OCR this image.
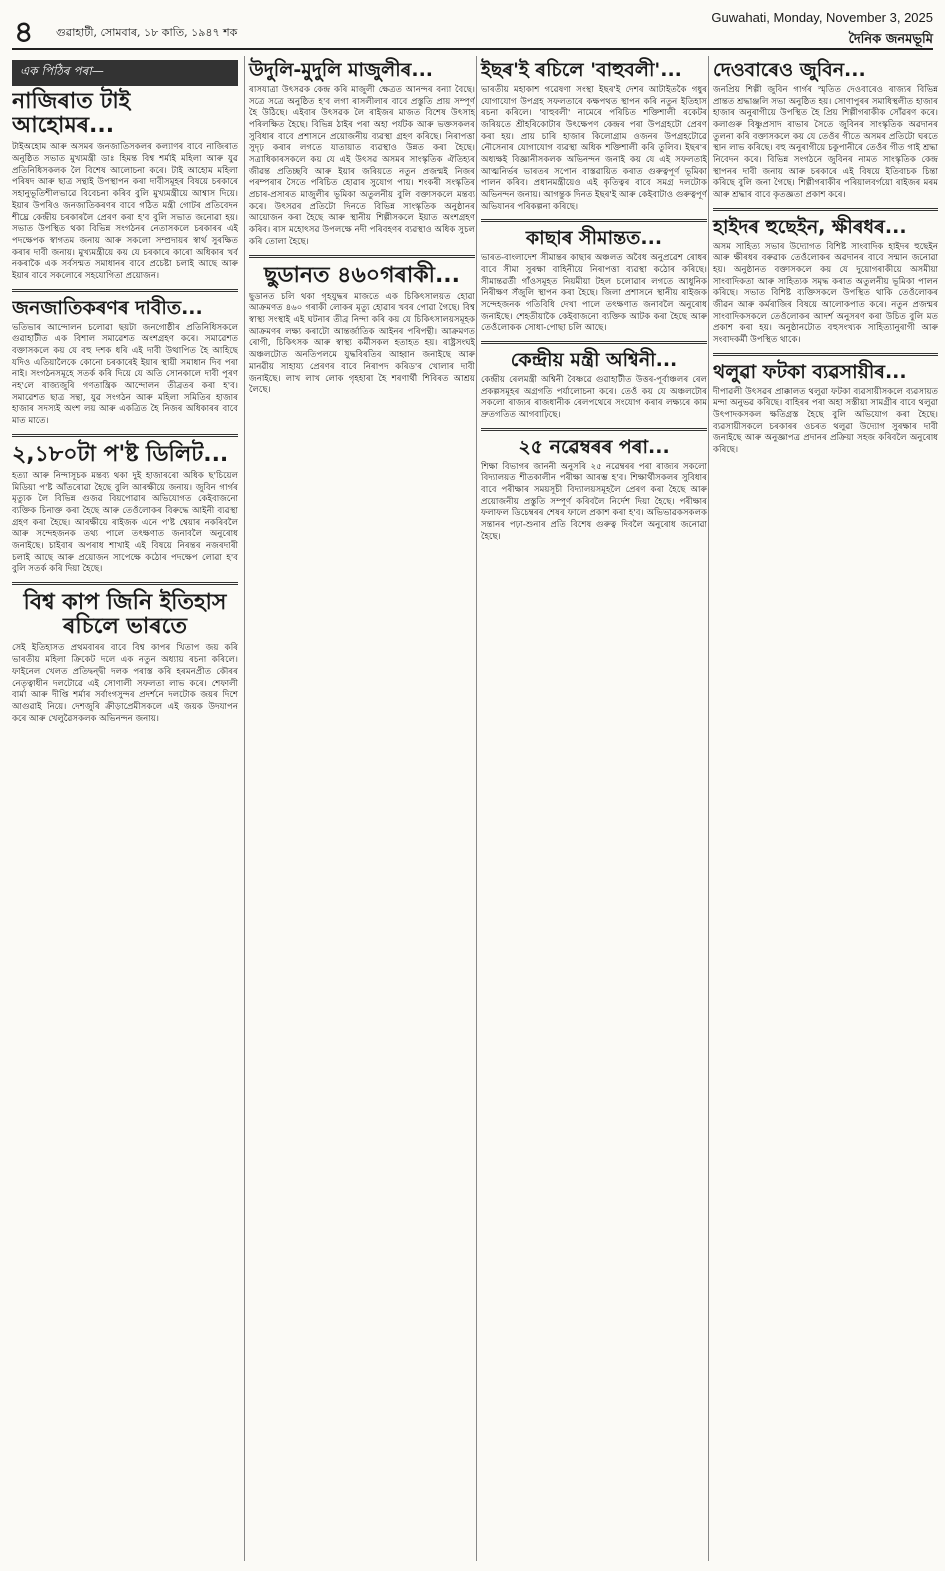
৪ গুৱাহাটী, সোমবাৰ, ১৮ কাতি, ১৯৪৭ শক
Guwahati, Monday, November 3, 2025
দৈনিক জনমভূমি
এক পিঠিৰ পৰা—
নাজিৰাত টাই আহোমৰ...

টাইঅহোম আৰু অসমৰ জনজাতিসকলৰ কল্যাণৰ বাবে নাজিৰাত অনুষ্ঠিত সভাত মুখ্যমন্ত্ৰী ডাঃ হিমন্ত বিশ্ব শৰ্মাই মহিলা আৰু যুৱ প্ৰতিনিধিসকলক লৈ বিশেষ আলোচনা কৰে। টাই আহোম মহিলা পৰিষদ আৰু ছাত্ৰ সন্থাই উপস্থাপন কৰা দাবীসমূহৰ বিষয়ে চৰকাৰে সহানুভূতিশীলভাৱে বিবেচনা কৰিব বুলি মুখ্যমন্ত্ৰীয়ে আশ্বাস দিয়ে। ইয়াৰ উপৰিও জনজাতিকৰণৰ বাবে গঠিত মন্ত্ৰী গোটৰ প্ৰতিবেদন শীঘ্ৰে কেন্দ্ৰীয় চৰকাৰলৈ প্ৰেৰণ কৰা হ'ব বুলি সভাত জনোৱা হয়। সভাত উপস্থিত থকা বিভিন্ন সংগঠনৰ নেতাসকলে চৰকাৰৰ এই পদক্ষেপক স্বাগতম জনায় আৰু সকলো সম্প্ৰদায়ৰ স্বাৰ্থ সুৰক্ষিত কৰাৰ দাবী জনায়। মুখ্যমন্ত্ৰীয়ে কয় যে চৰকাৰে কাৰো অধিকাৰ খৰ্ব নকৰাকৈ এক সৰ্বসন্মত সমাধানৰ বাবে প্ৰচেষ্টা চলাই আছে আৰু ইয়াৰ বাবে সকলোৰে সহযোগিতা প্ৰয়োজন।

জনজাতিকৰণৰ দাবীত...

ভতিভাৰ আন্দোলন চলোৱা ছয়টা জনগোষ্ঠীৰ প্ৰতিনিধিসকলে গুৱাহাটীত এক বিশাল সমাৱেশত অংশগ্ৰহণ কৰে। সমাৱেশত বক্তাসকলে কয় যে বহু দশক ধৰি এই দাবী উত্থাপিত হৈ আহিছে যদিও এতিয়ালৈকে কোনো চৰকাৰেই ইয়াৰ স্থায়ী সমাধান দিব পৰা নাই। সংগঠনসমূহে সতৰ্ক কৰি দিয়ে যে অতি সোনকালে দাবী পূৰণ নহ'লে ৰাজ্যজুৰি গণতান্ত্ৰিক আন্দোলন তীব্ৰতৰ কৰা হ'ব। সমাৱেশত ছাত্ৰ সন্থা, যুৱ সংগঠন আৰু মহিলা সমিতিৰ হাজাৰ হাজাৰ সদস্যই অংশ লয় আৰু একত্ৰিত হৈ নিজৰ অধিকাৰৰ বাবে মাত মাতে।

২,১৮০টা প'ষ্ট ডিলিট...

হত্যা আৰু নিন্দাসূচক মন্তব্য থকা দুই হাজাৰৰো অধিক ছ'চিয়েল মিডিয়া প'ষ্ট আঁতৰোৱা হৈছে বুলি আৰক্ষীয়ে জনায়। জুবিন গাৰ্গৰ মৃত্যুক লৈ বিভিন্ন গুজৱ বিয়পোৱাৰ অভিযোগত কেইবাজনো ব্যক্তিক চিনাক্ত কৰা হৈছে আৰু তেওঁলোকৰ বিৰুদ্ধে আইনী ব্যৱস্থা গ্ৰহণ কৰা হৈছে। আৰক্ষীয়ে ৰাইজক এনে প'ষ্ট শ্বেয়াৰ নকৰিবলৈ আৰু সন্দেহজনক তথ্য পালে তৎক্ষণাত জনাবলৈ অনুৰোধ জনাইছে। চাইবাৰ অপৰাধ শাখাই এই বিষয়ে নিৰন্তৰ নজৰদাৰী চলাই আছে আৰু প্ৰয়োজন সাপেক্ষে কঠোৰ পদক্ষেপ লোৱা হ'ব বুলি সতৰ্ক কৰি দিয়া হৈছে।

বিশ্ব কাপ জিনি ইতিহাস ৰচিলে ভাৰতে

সেই ইতিহাসত প্ৰথমবাৰৰ বাবে বিশ্ব কাপৰ খিতাপ জয় কৰি ভাৰতীয় মহিলা ক্ৰিকেট দলে এক নতুন অধ্যায় ৰচনা কৰিলে। ফাইনেল খেলত প্ৰতিদ্বন্দ্বী দলক পৰাস্ত কৰি হৰমনপ্ৰীত কৌৰৰ নেতৃত্বাধীন দলটোৱে এই সোণালী সফলতা লাভ কৰে। শেফালী বাৰ্মা আৰু দীপ্তি শৰ্মাৰ সৰ্বাংগসুন্দৰ প্ৰদৰ্শনে দলটোক জয়ৰ দিশে আগুৱাই নিয়ে। দেশজুৰি ক্ৰীড়াপ্ৰেমীসকলে এই জয়ক উদযাপন কৰে আৰু খেলুৱৈসকলক অভিনন্দন জনায়।

উদুলি-মুদুলি মাজুলীৰ...

ৰাসযাত্ৰা উৎসৱক কেন্দ্ৰ কৰি মাজুলী ক্ষেত্ৰত আনন্দৰ বন্যা বৈছে। সত্ৰে সত্ৰে অনুষ্ঠিত হ'ব লগা ৰাসলীলাৰ বাবে প্ৰস্তুতি প্ৰায় সম্পূৰ্ণ হৈ উঠিছে। এইবাৰ উৎসৱক লৈ ৰাইজৰ মাজত বিশেষ উৎসাহ পৰিলক্ষিত হৈছে। বিভিন্ন ঠাইৰ পৰা অহা পৰ্যটক আৰু ভক্তসকলৰ সুবিধাৰ বাবে প্ৰশাসনে প্ৰয়োজনীয় ব্যৱস্থা গ্ৰহণ কৰিছে। নিৰাপত্তা সুদৃঢ় কৰাৰ লগতে যাতায়াত ব্যৱস্থাও উন্নত কৰা হৈছে। সত্ৰাধিকাৰসকলে কয় যে এই উৎসৱ অসমৰ সাংস্কৃতিক ঐতিহ্যৰ জীৱন্ত প্ৰতিচ্ছবি আৰু ইয়াৰ জৰিয়তে নতুন প্ৰজন্মই নিজৰ পৰম্পৰাৰ সৈতে পৰিচিত হোৱাৰ সুযোগ পায়। শংকৰী সংস্কৃতিৰ প্ৰচাৰ-প্ৰসাৰত মাজুলীৰ ভূমিকা অতুলনীয় বুলি বক্তাসকলে মন্তব্য কৰে। উৎসৱৰ প্ৰতিটো দিনতে বিভিন্ন সাংস্কৃতিক অনুষ্ঠানৰ আয়োজন কৰা হৈছে আৰু স্থানীয় শিল্পীসকলে ইয়াত অংশগ্ৰহণ কৰিব। ৰাস মহোৎসৱ উপলক্ষে নদী পৰিবহণৰ ব্যৱস্থাও অধিক সুচল কৰি তোলা হৈছে।

ছুডানত ৪৬০গৰাকী...

ছুডানত চলি থকা গৃহযুদ্ধৰ মাজতে এক চিকিৎসালয়ত হোৱা আক্ৰমণত ৪৬০ গৰাকী লোকৰ মৃত্যু হোৱাৰ খবৰ পোৱা গৈছে। বিশ্ব স্বাস্থ্য সংস্থাই এই ঘটনাৰ তীব্ৰ নিন্দা কৰি কয় যে চিকিৎসালয়সমূহক আক্ৰমণৰ লক্ষ্য কৰাটো আন্তৰ্জাতিক আইনৰ পৰিপন্থী। আক্ৰমণত ৰোগী, চিকিৎসক আৰু স্বাস্থ্য কৰ্মীসকল হতাহত হয়। ৰাষ্ট্ৰসংঘই অঞ্চলটোত অনতিপলমে যুদ্ধবিৰতিৰ আহ্বান জনাইছে আৰু মানৱীয় সাহায্য প্ৰেৰণৰ বাবে নিৰাপদ কৰিড'ৰ খোলাৰ দাবী জনাইছে। লাখ লাখ লোক গৃহহাৰা হৈ শৰণাৰ্থী শিবিৰত আশ্ৰয় লৈছে।

ইছৰ'ই ৰচিলে 'বাহুবলী'...

ভাৰতীয় মহাকাশ গৱেষণা সংস্থা ইছৰ'ই দেশৰ আটাইতকৈ গধুৰ যোগাযোগ উপগ্ৰহ সফলতাৰে কক্ষপথত স্থাপন কৰি নতুন ইতিহাস ৰচনা কৰিলে। 'বাহুবলী' নামেৰে পৰিচিত শক্তিশালী ৰকেটৰ জৰিয়তে শ্ৰীহৰিকোটাৰ উৎক্ষেপণ কেন্দ্ৰৰ পৰা উপগ্ৰহটো প্ৰেৰণ কৰা হয়। প্ৰায় চাৰি হাজাৰ কিলোগ্ৰাম ওজনৰ উপগ্ৰহটোৱে নৌসেনাৰ যোগাযোগ ব্যৱস্থা অধিক শক্তিশালী কৰি তুলিব। ইছৰ'ৰ অধ্যক্ষই বিজ্ঞানীসকলক অভিনন্দন জনাই কয় যে এই সফলতাই আত্মনিৰ্ভৰ ভাৰতৰ সপোন বাস্তৱায়িত কৰাত গুৰুত্বপূৰ্ণ ভূমিকা পালন কৰিব। প্ৰধানমন্ত্ৰীয়েও এই কৃতিত্বৰ বাবে সমগ্ৰ দলটোক অভিনন্দন জনায়। আগন্তুক দিনত ইছৰ'ই আৰু কেইবাটাও গুৰুত্বপূৰ্ণ অভিযানৰ পৰিকল্পনা কৰিছে।

কাছাৰ সীমান্তত...

ভাৰত-বাংলাদেশ সীমান্তৰ কাছাৰ অঞ্চলত অবৈধ অনুপ্ৰৱেশ ৰোধৰ বাবে সীমা সুৰক্ষা বাহিনীয়ে নিৰাপত্তা ব্যৱস্থা কঠোৰ কৰিছে। সীমান্তৱৰ্তী গাঁওসমূহত নিয়মীয়া টহল চলোৱাৰ লগতে আধুনিক নিৰীক্ষণ সঁজুলি স্থাপন কৰা হৈছে। জিলা প্ৰশাসনে স্থানীয় ৰাইজক সন্দেহজনক গতিবিধি দেখা পালে তৎক্ষণাত জনাবলৈ অনুৰোধ জনাইছে। শেহতীয়াকৈ কেইবাজনো ব্যক্তিক আটক কৰা হৈছে আৰু তেওঁলোকক সোধা-পোছা চলি আছে।

কেন্দ্ৰীয় মন্ত্ৰী অশ্বিনী...

কেন্দ্ৰীয় ৰেলমন্ত্ৰী অশ্বিনী বৈষ্ণৱে গুৱাহাটীত উত্তৰ-পূৰ্বাঞ্চলৰ ৰেল প্ৰকল্পসমূহৰ অগ্ৰগতি পৰ্যালোচনা কৰে। তেওঁ কয় যে অঞ্চলটোৰ সকলো ৰাজ্যৰ ৰাজধানীক ৰেলপথেৰে সংযোগ কৰাৰ লক্ষ্যৰে কাম দ্ৰুতগতিত আগবাঢ়িছে।

২৫ নৱেম্বৰৰ পৰা...

শিক্ষা বিভাগৰ জাননী অনুসৰি ২৫ নৱেম্বৰৰ পৰা ৰাজ্যৰ সকলো বিদ্যালয়ত শীতকালীন পৰীক্ষা আৰম্ভ হ'ব। শিক্ষাৰ্থীসকলৰ সুবিধাৰ বাবে পৰীক্ষাৰ সময়সূচী বিদ্যালয়সমূহলৈ প্ৰেৰণ কৰা হৈছে আৰু প্ৰয়োজনীয় প্ৰস্তুতি সম্পূৰ্ণ কৰিবলৈ নিৰ্দেশ দিয়া হৈছে। পৰীক্ষাৰ ফলাফল ডিচেম্বৰৰ শেষৰ ফালে প্ৰকাশ কৰা হ'ব। অভিভাৱকসকলক সন্তানৰ পঢ়া-শুনাৰ প্ৰতি বিশেষ গুৰুত্ব দিবলৈ অনুৰোধ জনোৱা হৈছে।

দেওবাৰেও জুবিন...

জনপ্ৰিয় শিল্পী জুবিন গাৰ্গৰ স্মৃতিত দেওবাৰেও ৰাজ্যৰ বিভিন্ন প্ৰান্তত শ্ৰদ্ধাঞ্জলি সভা অনুষ্ঠিত হয়। সোণাপুৰৰ সমাধিস্থলীত হাজাৰ হাজাৰ অনুৰাগীয়ে উপস্থিত হৈ প্ৰিয় শিল্পীগৰাকীক সোঁৱৰণ কৰে। কলাগুৰু বিষ্ণুপ্ৰসাদ ৰাভাৰ সৈতে জুবিনৰ সাংস্কৃতিক অৱদানৰ তুলনা কৰি বক্তাসকলে কয় যে তেওঁৰ গীতে অসমৰ প্ৰতিটো ঘৰতে স্থান লাভ কৰিছে। বহু অনুৰাগীয়ে চকুপানীৰে তেওঁৰ গীত গাই শ্ৰদ্ধা নিবেদন কৰে। বিভিন্ন সংগঠনে জুবিনৰ নামত সাংস্কৃতিক কেন্দ্ৰ স্থাপনৰ দাবী জনায় আৰু চৰকাৰে এই বিষয়ে ইতিবাচক চিন্তা কৰিছে বুলি জনা গৈছে। শিল্পীগৰাকীৰ পৰিয়ালবৰ্গয়ো ৰাইজৰ মৰম আৰু শ্ৰদ্ধাৰ বাবে কৃতজ্ঞতা প্ৰকাশ কৰে।

হাইদৰ হুছেইন, ক্ষীৰধৰ...

অসম সাহিত্য সভাৰ উদ্যোগত বিশিষ্ট সাংবাদিক হাইদৰ হুছেইন আৰু ক্ষীৰধৰ বৰুৱাক তেওঁলোকৰ অৱদানৰ বাবে সন্মান জনোৱা হয়। অনুষ্ঠানত বক্তাসকলে কয় যে দুয়োগৰাকীয়ে অসমীয়া সাংবাদিকতা আৰু সাহিত্যক সমৃদ্ধ কৰাত অতুলনীয় ভূমিকা পালন কৰিছে। সভাত বিশিষ্ট ব্যক্তিসকলে উপস্থিত থাকি তেওঁলোকৰ জীৱন আৰু কৰ্মৰাজিৰ বিষয়ে আলোকপাত কৰে। নতুন প্ৰজন্মৰ সাংবাদিকসকলে তেওঁলোকৰ আদৰ্শ অনুসৰণ কৰা উচিত বুলি মত প্ৰকাশ কৰা হয়। অনুষ্ঠানটোত বহুসংখ্যক সাহিত্যানুৰাগী আৰু সংবাদকৰ্মী উপস্থিত থাকে।

থলুৱা ফটকা ব্যৱসায়ীৰ...

দীপাৱলী উৎসৱৰ প্ৰাক্কালত থলুৱা ফটকা ব্যৱসায়ীসকলে ব্যৱসায়ত মন্দা অনুভৱ কৰিছে। বাহিৰৰ পৰা অহা সস্তীয়া সামগ্ৰীৰ বাবে থলুৱা উৎপাদকসকল ক্ষতিগ্ৰস্ত হৈছে বুলি অভিযোগ কৰা হৈছে। ব্যৱসায়ীসকলে চৰকাৰৰ ওচৰত থলুৱা উদ্যোগ সুৰক্ষাৰ দাবী জনাইছে আৰু অনুজ্ঞাপত্ৰ প্ৰদানৰ প্ৰক্ৰিয়া সহজ কৰিবলৈ অনুৰোধ কৰিছে।
